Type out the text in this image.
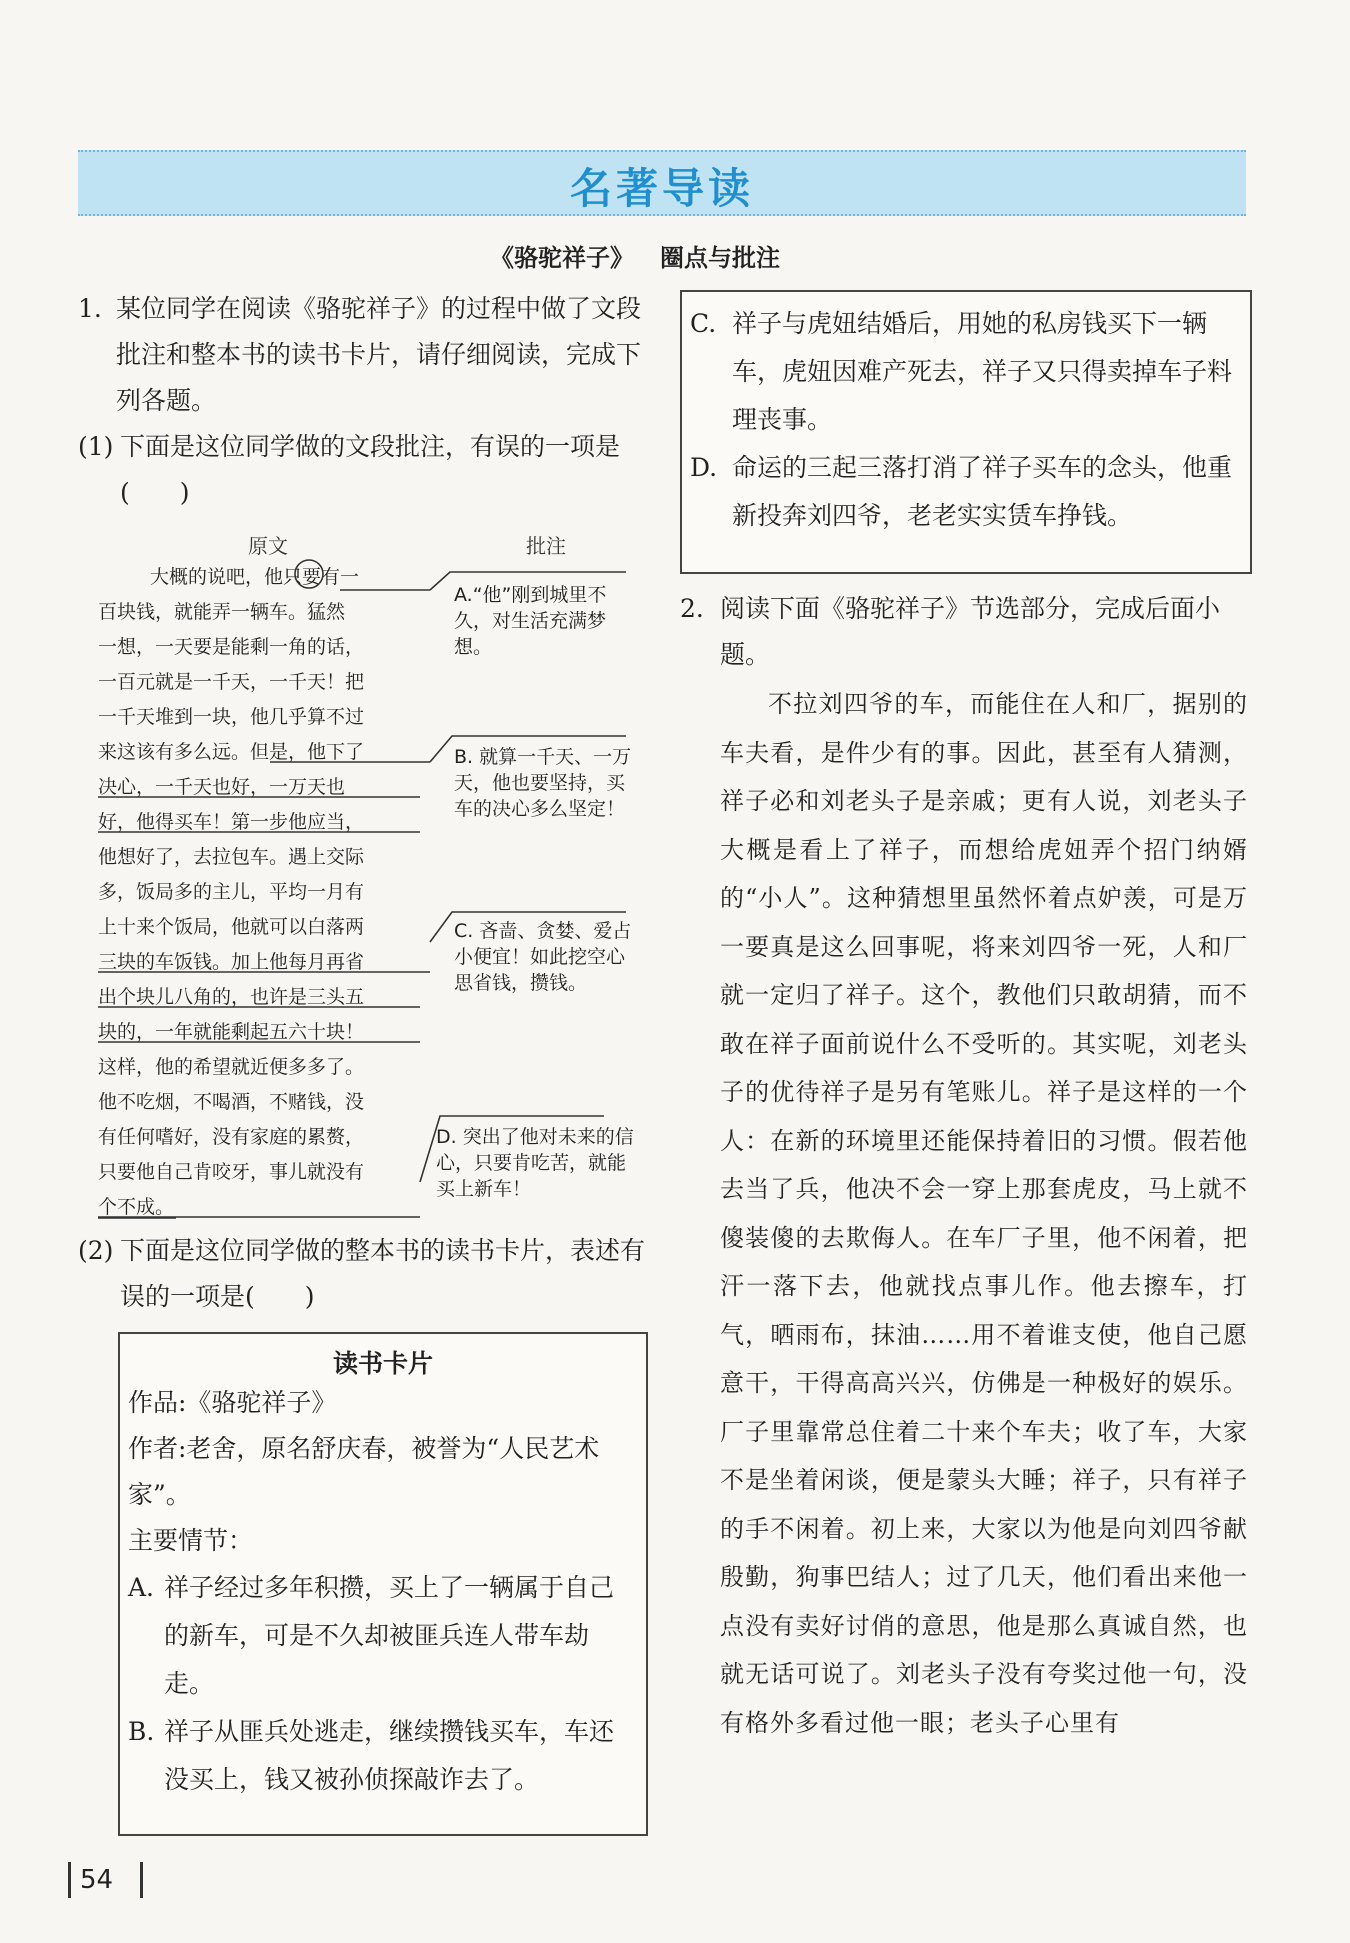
名著导读
《骆驼祥子》 圈点与批注
1. 某位同学在阅读《骆驼祥子》的过程中做了文段批注和整本书的读书卡片，请仔细阅读，完成下列各题。
(1) 下面是这位同学做的文段批注，有误的一项是(　　)
原文	批注
大概的说吧，他只要有一
百块钱，就能弄一辆车。猛然
一想，一天要是能剩一角的话，
一百元就是一千天，一千天！把
一千天堆到一块，他几乎算不过
来这该有多么远。但是，他下了
决心，一千天也好，一万天也
好，他得买车！第一步他应当，
他想好了，去拉包车。遇上交际
多，饭局多的主儿，平均一月有
上十来个饭局，他就可以白落两
三块的车饭钱。加上他每月再省
出个块儿八角的，也许是三头五
块的，一年就能剩起五六十块！
这样，他的希望就近便多多了。
他不吃烟，不喝酒，不赌钱，没
有任何嗜好，没有家庭的累赘，
只要他自己肯咬牙，事儿就没有
个不成。
A.“他”刚到城里不久，对生活充满梦想。
B. 就算一千天、一万天，他也要坚持，买车的决心多么坚定！
C. 吝啬、贪婪、爱占小便宜！如此挖空心思省钱，攒钱。
D. 突出了他对未来的信心，只要肯吃苦，就能买上新车！
(2) 下面是这位同学做的整本书的读书卡片，表述有误的一项是(　　)
读书卡片
作品:《骆驼祥子》
作者:老舍，原名舒庆春，被誉为“人民艺术家”。
主要情节：
A. 祥子经过多年积攒，买上了一辆属于自己的新车，可是不久却被匪兵连人带车劫走。
B. 祥子从匪兵处逃走，继续攒钱买车，车还没买上，钱又被孙侦探敲诈去了。
C. 祥子与虎妞结婚后，用她的私房钱买下一辆车，虎妞因难产死去，祥子又只得卖掉车子料理丧事。
D. 命运的三起三落打消了祥子买车的念头，他重新投奔刘四爷，老老实实赁车挣钱。
2. 阅读下面《骆驼祥子》节选部分，完成后面小题。

不拉刘四爷的车，而能住在人和厂，据别的车夫看，是件少有的事。因此，甚至有人猜测，祥子必和刘老头子是亲戚；更有人说，刘老头子大概是看上了祥子，而想给虎妞弄个招门纳婿的“小人”。这种猜想里虽然怀着点妒羡，可是万一要真是这么回事呢，将来刘四爷一死，人和厂就一定归了祥子。这个，教他们只敢胡猜，而不敢在祥子面前说什么不受听的。其实呢，刘老头子的优待祥子是另有笔账儿。祥子是这样的一个人：在新的环境里还能保持着旧的习惯。假若他去当了兵，他决不会一穿上那套虎皮，马上就不傻装傻的去欺侮人。在车厂子里，他不闲着，把汗一落下去，他就找点事儿作。他去擦车，打气，晒雨布，抹油……用不着谁支使，他自己愿意干，干得高高兴兴，仿佛是一种极好的娱乐。厂子里靠常总住着二十来个车夫；收了车，大家不是坐着闲谈，便是蒙头大睡；祥子，只有祥子的手不闲着。初上来，大家以为他是向刘四爷献殷勤，狗事巴结人；过了几天，他们看出来他一点没有卖好讨俏的意思，他是那么真诚自然，也就无话可说了。刘老头子没有夸奖过他一句，没有格外多看过他一眼；老头子心里有

54
